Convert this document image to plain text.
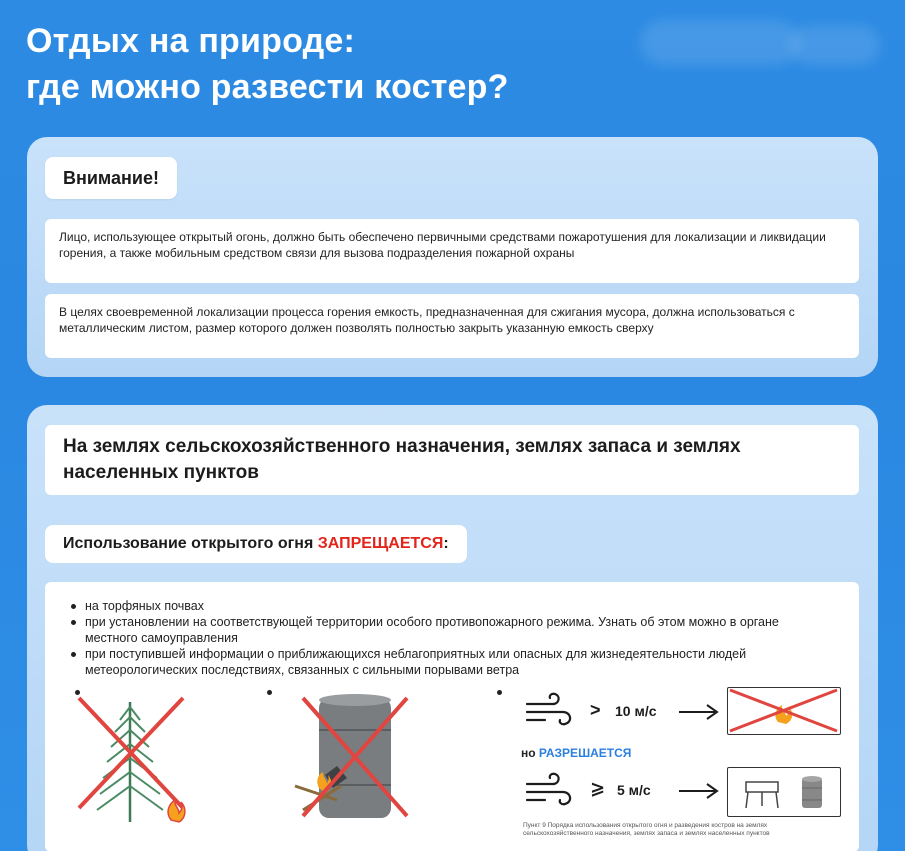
Отдых на природе:
где можно развести костер?
Внимание!
Лицо, использующее открытый огонь, должно быть обеспечено первичными средствами пожаротушения для локализации и ликвидации горения, а также мобильным средством связи для вызова подразделения пожарной охраны
В целях своевременной локализации процесса горения емкость, предназначенная для сжигания мусора, должна использоваться с металлическим листом, размер которого должен позволять полностью закрыть указанную емкость сверху
На землях сельскохозяйственного назначения, землях запаса и землях населенных пунктов
Использование открытого огня ЗАПРЕЩАЕТСЯ:
на торфяных почвах
при установлении на соответствующей территории особого противопожарного режима. Узнать об этом можно в органе местного самоуправления
при поступившей информации о приближающихся неблагоприятных или опасных для жизнедеятельности людей метеорологических последствиях, связанных с сильными порывами ветра
> 10 м/с
но РАЗРЕШАЕТСЯ
⩾ 5 м/с
Пункт 9 Порядка использования открытого огня и разведения костров на землях сельскохозяйственного назначения, землях запаса и землях населенных пунктов
